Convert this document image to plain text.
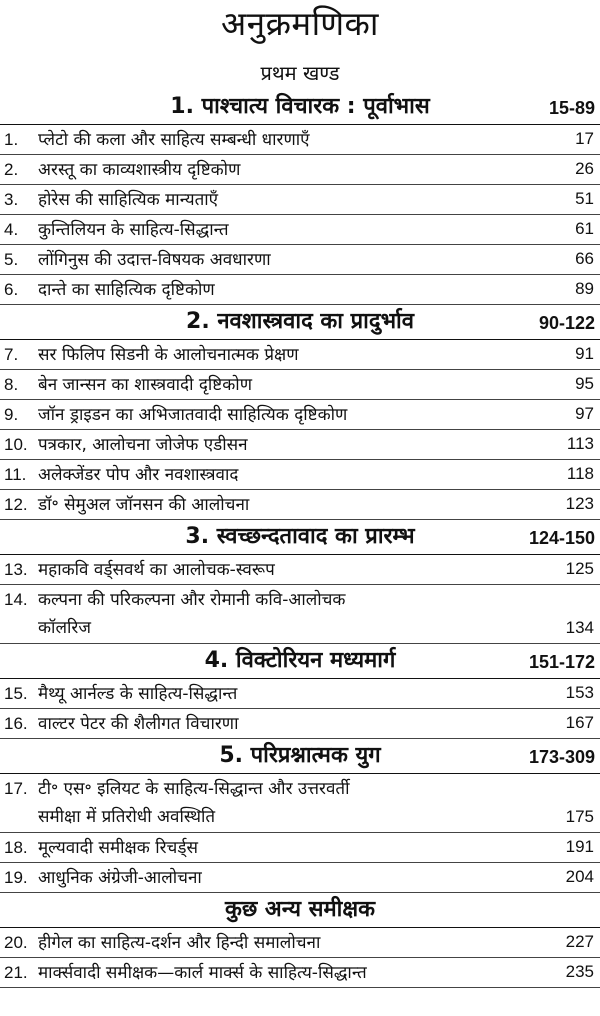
अनुक्रमणिका
प्रथम खण्ड
1. पाश्चात्य विचारक : पूर्वाभास	15-89
1.	प्लेटो की कला और साहित्य सम्बन्धी धारणाएँ	17
2.	अरस्तू का काव्यशास्त्रीय दृष्टिकोण	26
3.	होरेस की साहित्यिक मान्यताएँ	51
4.	कुन्तिलियन के साहित्य-सिद्धान्त	61
5.	लोंगिनुस की उदात्त-विषयक अवधारणा	66
6.	दान्ते का साहित्यिक दृष्टिकोण	89
2. नवशास्त्रवाद का प्रादुर्भाव	90-122
7.	सर फिलिप सिडनी के आलोचनात्मक प्रेक्षण	91
8.	बेन जान्सन का शास्त्रवादी दृष्टिकोण	95
9.	जॉन ड्राइडन का अभिजातवादी साहित्यिक दृष्टिकोण	97
10. पत्रकार, आलोचना जोजेफ एडीसन	113
11. अलेक्जेंडर पोप और नवशास्त्रवाद	118
12. डॉ॰ सेमुअल जॉनसन की आलोचना	123
3. स्वच्छन्दतावाद का प्रारम्भ	124-150
13. महाकवि वर्ड्सवर्थ का आलोचक-स्वरूप	125
14. कल्पना की परिकल्पना और रोमानी कवि-आलोचक
कॉलरिज	134
4. विक्टोरियन मध्यमार्ग	151-172
15. मैथ्यू आर्नल्ड के साहित्य-सिद्धान्त	153
16. वाल्टर पेटर की शैलीगत विचारणा	167
5. परिप्रश्नात्मक युग	173-309
17. टी॰ एस॰ इलियट के साहित्य-सिद्धान्त और उत्तरवर्ती
समीक्षा में प्रतिरोधी अवस्थिति	175
18. मूल्यवादी समीक्षक रिचर्ड्स	191
19. आधुनिक अंग्रेजी-आलोचना	204
कुछ अन्य समीक्षक
20. हीगेल का साहित्य-दर्शन और हिन्दी समालोचना	227
21. मार्क्सवादी समीक्षक—कार्ल मार्क्स के साहित्य-सिद्धान्त	235
